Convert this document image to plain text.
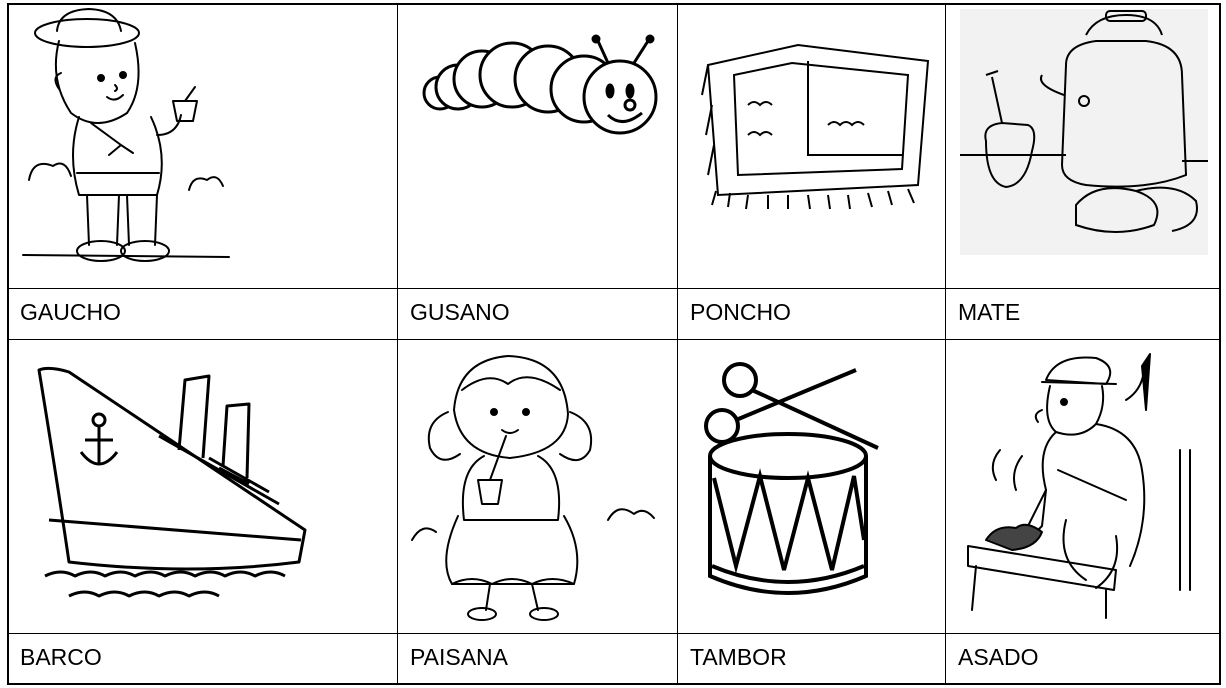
GAUCHO	GUSANO	PONCHO	MATE
BARCO	PAISANA	TAMBOR	ASADO
